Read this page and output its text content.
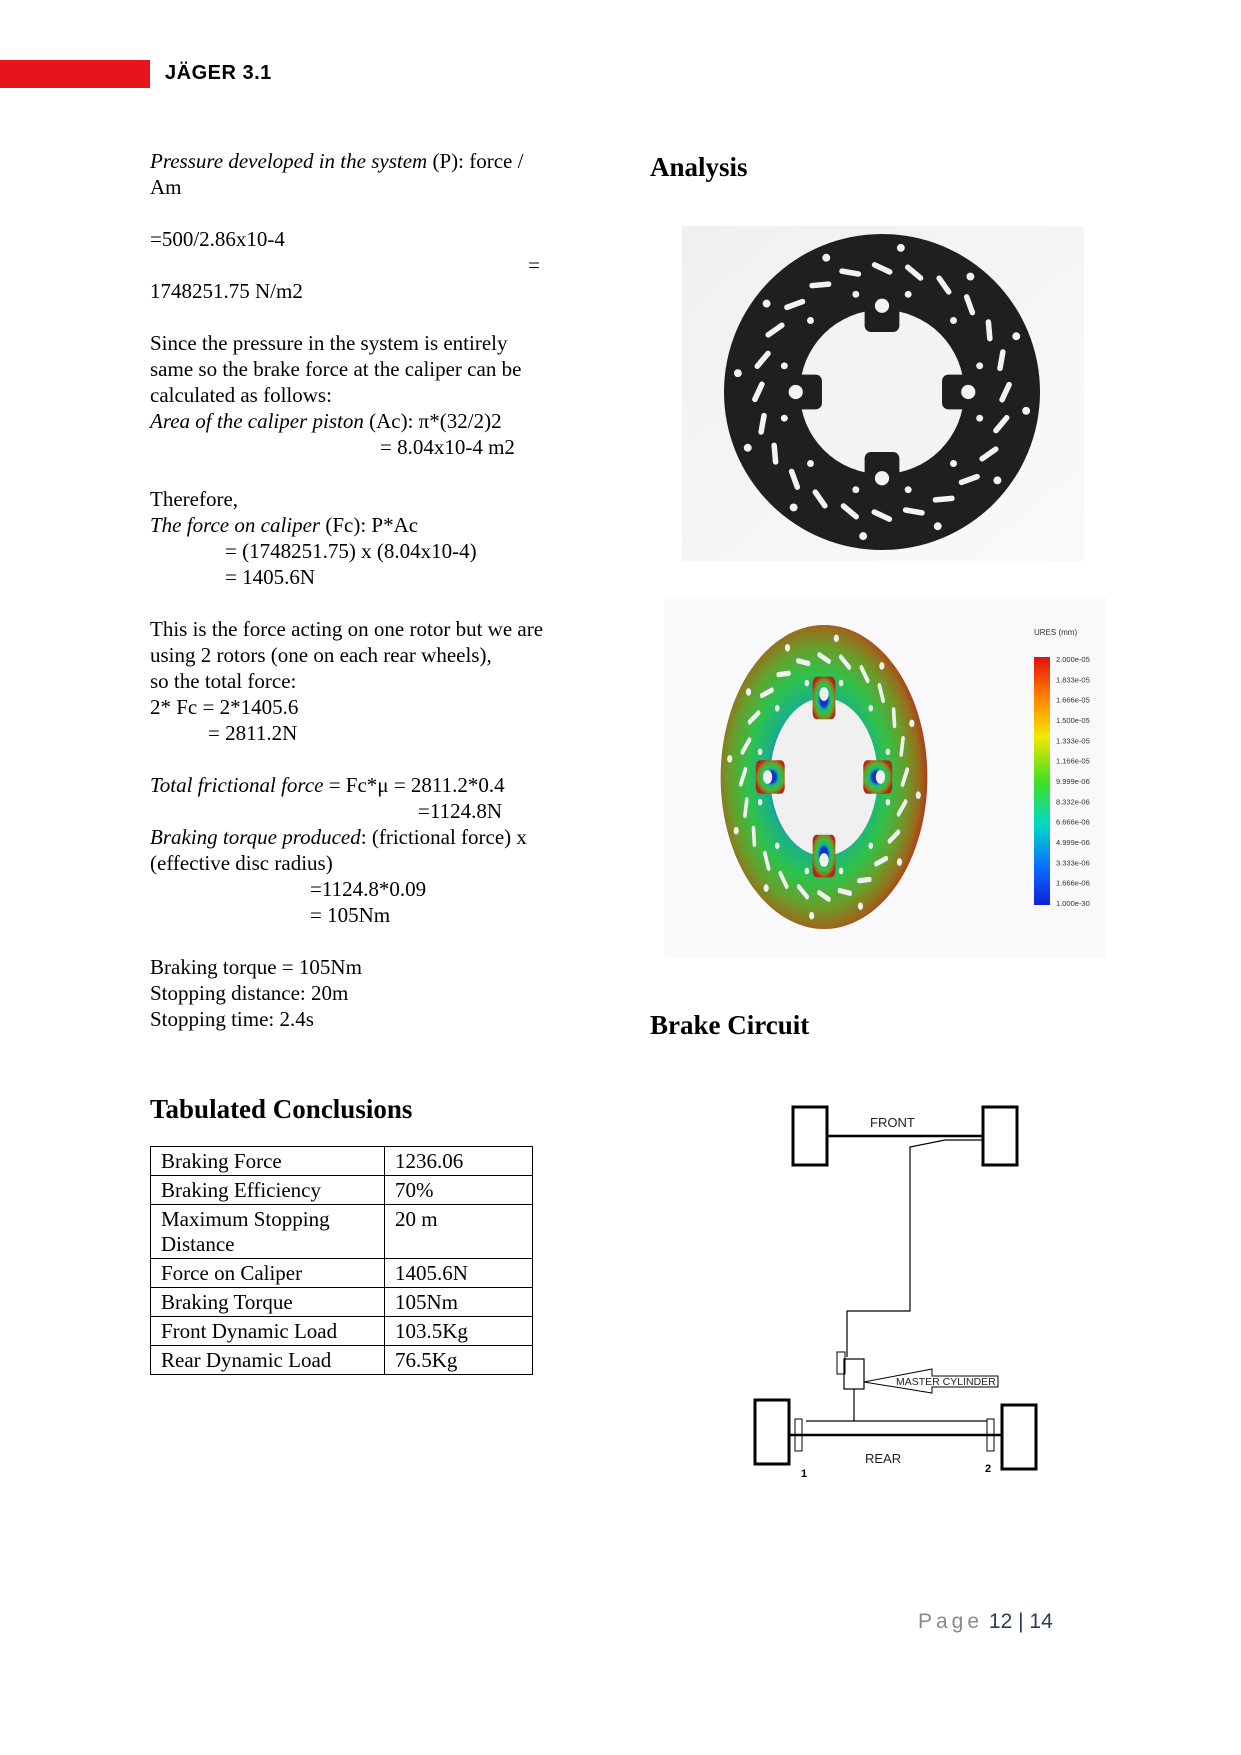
JÄGER 3.1

Pressure developed in the system (P): force /

Am

=500/2.86x10-4

=

1748251.75 N/m2

Since the pressure in the system is entirely

same so the brake force at the caliper can be

calculated as follows:

Area of the caliper piston (Ac): π*(32/2)2

= 8.04x10-4 m2

Therefore,

The force on caliper (Fc): P*Ac

= (1748251.75) x (8.04x10-4)

= 1405.6N

This is the force acting on one rotor but we are

using 2 rotors (one on each rear wheels),

so the total force:

2* Fc = 2*1405.6

= 2811.2N

Total frictional force = Fc*μ = 2811.2*0.4

=1124.8N

Braking torque produced: (frictional force) x

(effective disc radius)

=1124.8*0.09

= 105Nm

Braking torque = 105Nm

Stopping distance: 20m

Stopping time: 2.4s

Analysis
Brake Circuit
Tabulated Conclusions
Braking Force	1236.06
Braking Efficiency	70%
Maximum Stopping Distance	20 m
Force on Caliper	1405.6N
Braking Torque	105Nm
Front Dynamic Load	103.5Kg
Rear Dynamic Load	76.5Kg
URES (mm)
2.000e-05
1.833e-05
1.666e-05
1.500e-05
1.333e-05
1.166e-05
9.999e-06
8.332e-06
6.666e-06
4.999e-06
3.333e-06
1.666e-06
1.000e-30
FRONT
MASTER CYLINDER
REAR
1	2
Page 12 | 14
